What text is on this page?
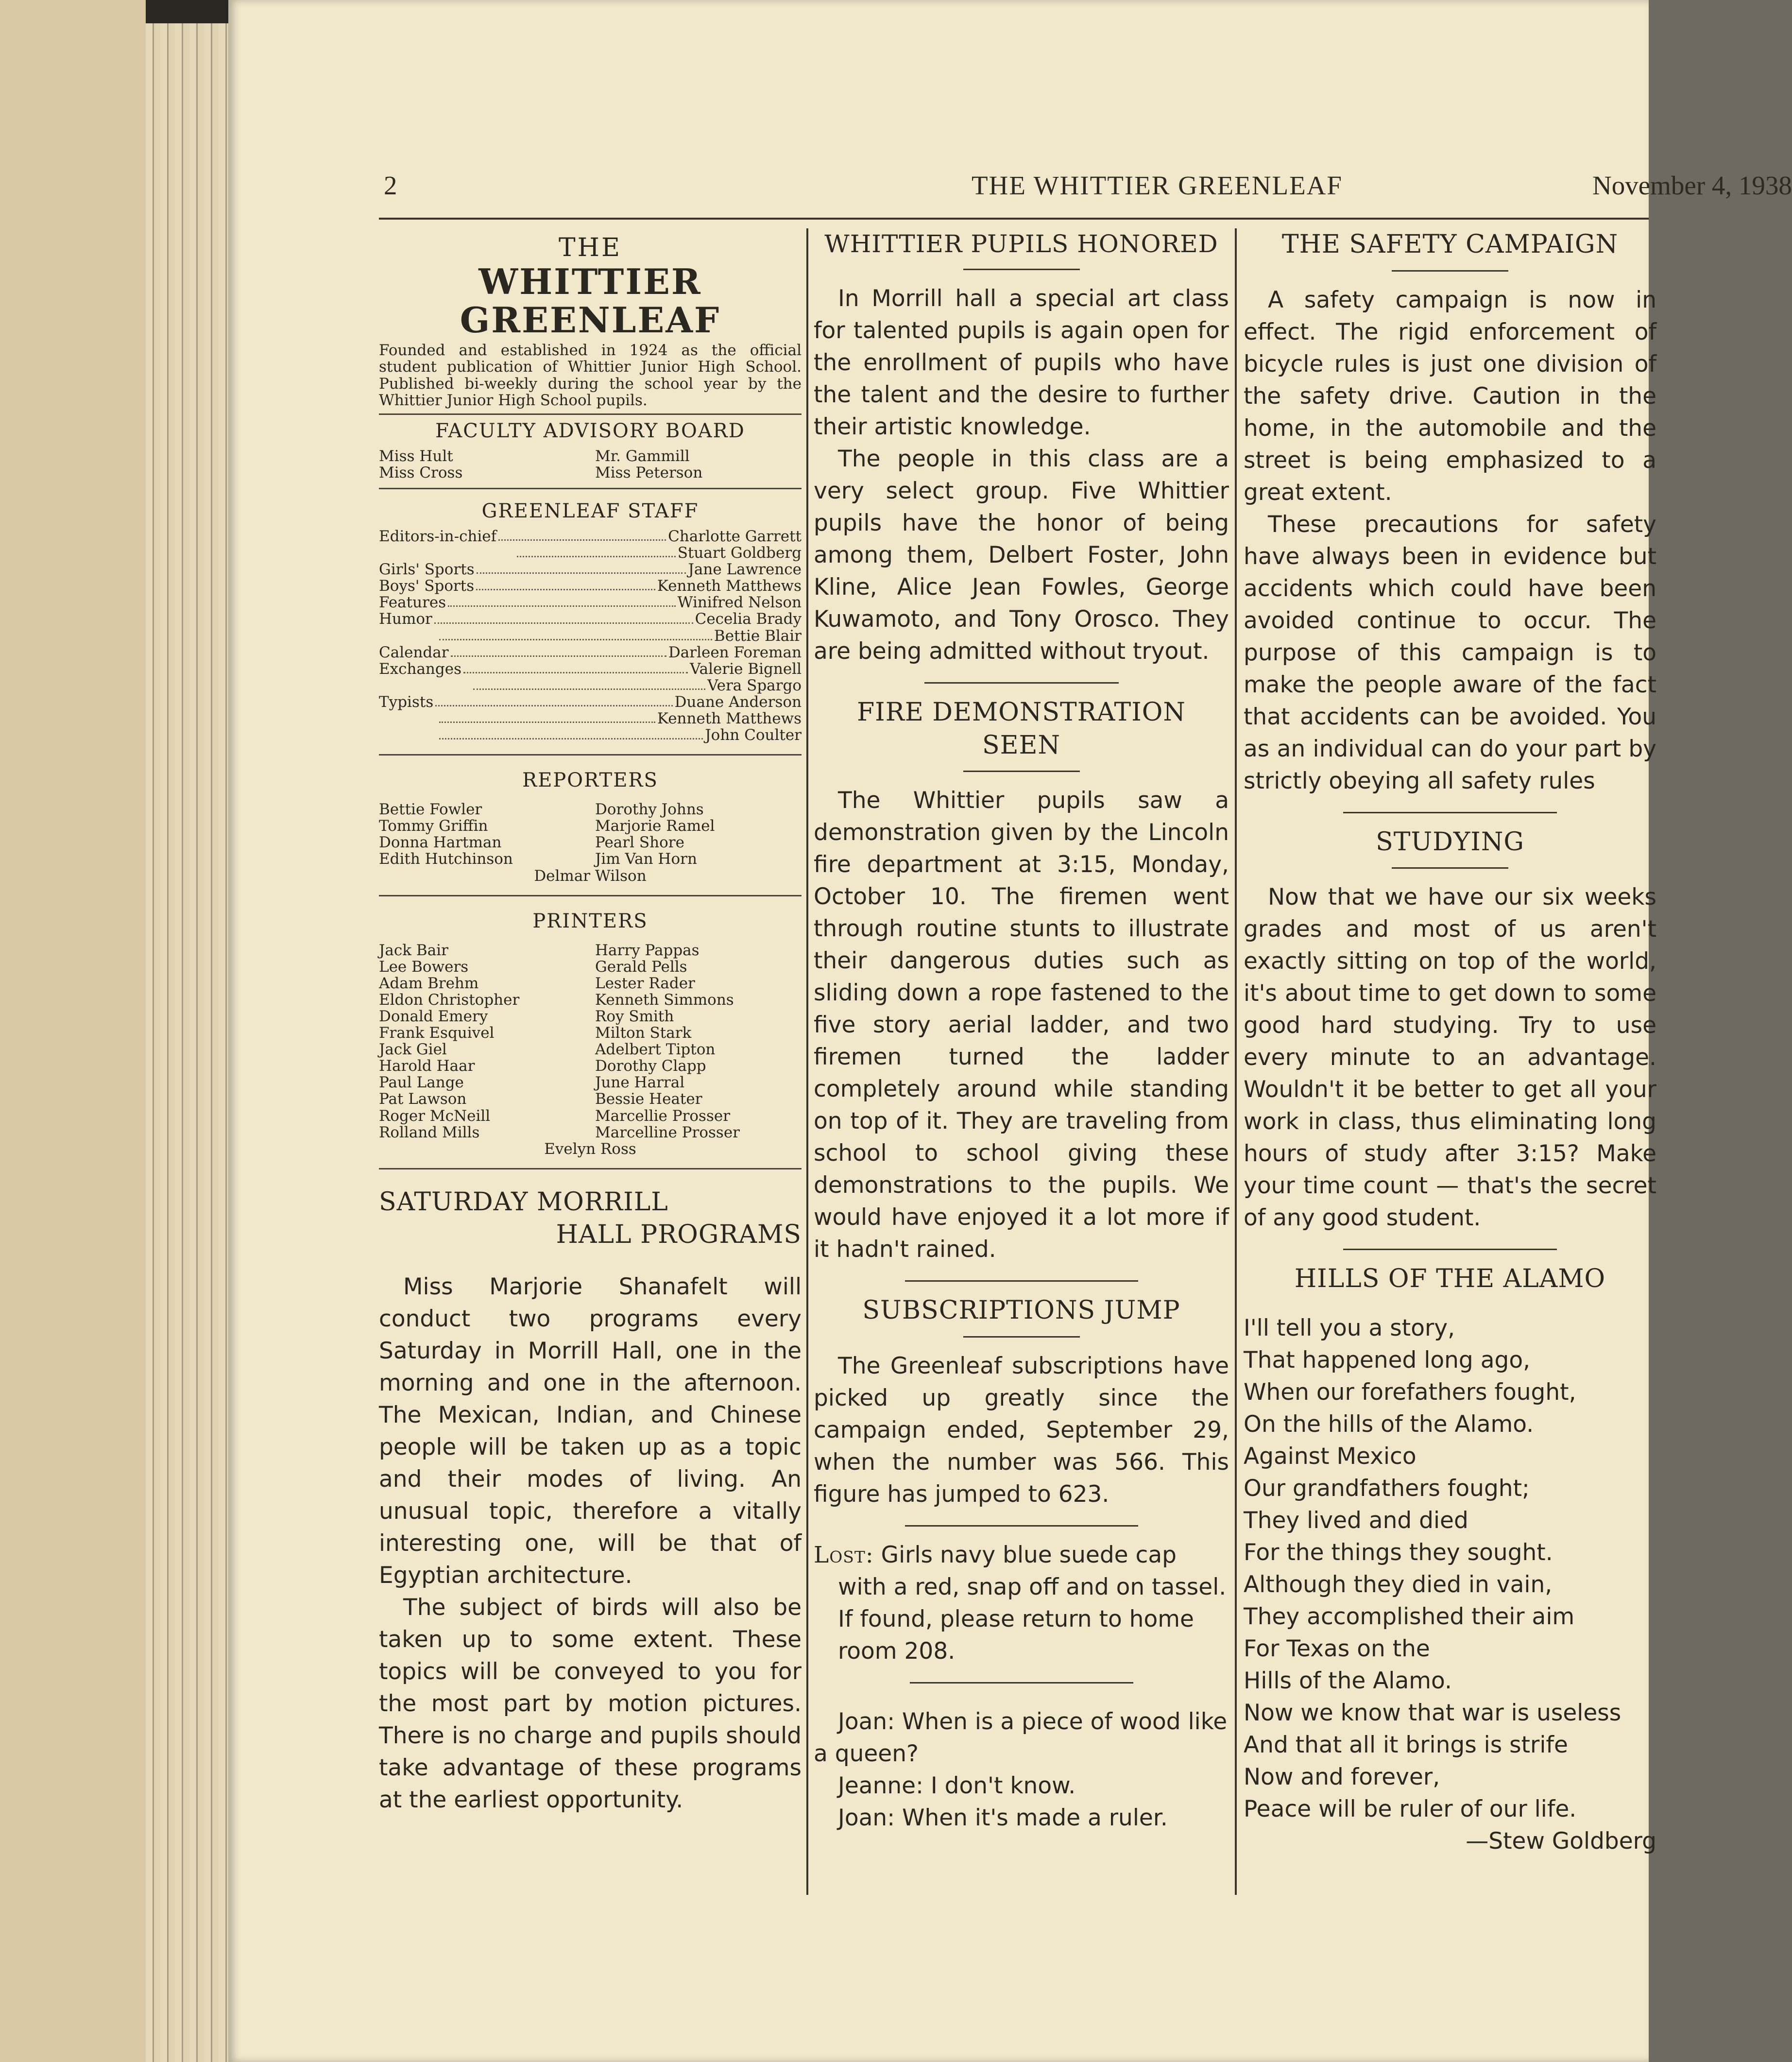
2	THE WHITTIER GREENLEAF	November 4, 1938
THE
WHITTIER GREENLEAF

Founded and established in 1924 as the official student publication of Whittier Junior High School. Published bi-weekly during the school year by the Whittier Junior High School pupils.

FACULTY ADVISORY BOARD
Miss Hult	Mr. Gammill
Miss Cross	Miss Peterson
GREENLEAF STAFF
Editors-in-chief	Charlotte Garrett
Stuart Goldberg
Girls' Sports	Jane Lawrence
Boys' Sports	Kenneth Matthews
Features	Winifred Nelson
Humor	Cecelia Brady
Bettie Blair
Calendar	Darleen Foreman
Exchanges	Valerie Bignell
Vera Spargo
Typists	Duane Anderson
Kenneth Matthews
John Coulter
REPORTERS
Bettie Fowler	Dorothy Johns
Tommy Griffin	Marjorie Ramel
Donna Hartman	Pearl Shore
Edith Hutchinson	Jim Van Horn
Delmar Wilson
PRINTERS
Jack Bair	Harry Pappas
Lee Bowers	Gerald Pells
Adam Brehm	Lester Rader
Eldon Christopher	Kenneth Simmons
Donald Emery	Roy Smith
Frank Esquivel	Milton Stark
Jack Giel	Adelbert Tipton
Harold Haar	Dorothy Clapp
Paul Lange	June Harral
Pat Lawson	Bessie Heater
Roger McNeill	Marcellie Prosser
Rolland Mills	Marcelline Prosser
Evelyn Ross
SATURDAY MORRILL
HALL PROGRAMS

Miss Marjorie Shanafelt will conduct two programs every Saturday in Morrill Hall, one in the morning and one in the afternoon. The Mexican, Indian, and Chinese people will be taken up as a topic and their modes of living. An unusual topic, therefore a vitally interesting one, will be that of Egyptian architecture.

The subject of birds will also be taken up to some extent. These topics will be conveyed to you for the most part by motion pictures. There is no charge and pupils should take advantage of these programs at the earliest opportunity.

WHITTIER PUPILS HONORED

In Morrill hall a special art class for talented pupils is again open for the enrollment of pupils who have the talent and the desire to further their artistic knowledge.

The people in this class are a very select group. Five Whittier pupils have the honor of being among them, Delbert Foster, John Kline, Alice Jean Fowles, George Kuwamoto, and Tony Orosco. They are being admitted without tryout.

FIRE DEMONSTRATION
SEEN

The Whittier pupils saw a demonstration given by the Lincoln fire department at 3:15, Monday, October 10. The firemen went through routine stunts to illustrate their dangerous duties such as sliding down a rope fastened to the five story aerial ladder, and two firemen turned the ladder completely around while standing on top of it. They are traveling from school to school giving these demonstrations to the pupils. We would have enjoyed it a lot more if it hadn't rained.

SUBSCRIPTIONS JUMP

The Greenleaf subscriptions have picked up greatly since the campaign ended, September 29, when the number was 566. This figure has jumped to 623.

Lost: Girls navy blue suede cap with a red, snap off and on tassel. If found, please return to home room 208.

Joan: When is a piece of wood like a queen?

Jeanne: I don't know.

Joan: When it's made a ruler.

THE SAFETY CAMPAIGN

A safety campaign is now in effect. The rigid enforcement of bicycle rules is just one division of the safety drive. Caution in the home, in the automobile and the street is being emphasized to a great extent.

These precautions for safety have always been in evidence but accidents which could have been avoided continue to occur. The purpose of this campaign is to make the people aware of the fact that accidents can be avoided. You as an individual can do your part by strictly obeying all safety rules

STUDYING

Now that we have our six weeks grades and most of us aren't exactly sitting on top of the world, it's about time to get down to some good hard studying. Try to use every minute to an advantage. Wouldn't it be better to get all your work in class, thus eliminating long hours of study after 3:15? Make your time count — that's the secret of any good student.

HILLS OF THE ALAMO

I'll tell you a story,

That happened long ago,

When our forefathers fought,

On the hills of the Alamo.

Against Mexico

Our grandfathers fought;

They lived and died

For the things they sought.

Although they died in vain,

They accomplished their aim

For Texas on the

Hills of the Alamo.

Now we know that war is useless

And that all it brings is strife

Now and forever,

Peace will be ruler of our life.

—Stew Goldberg
